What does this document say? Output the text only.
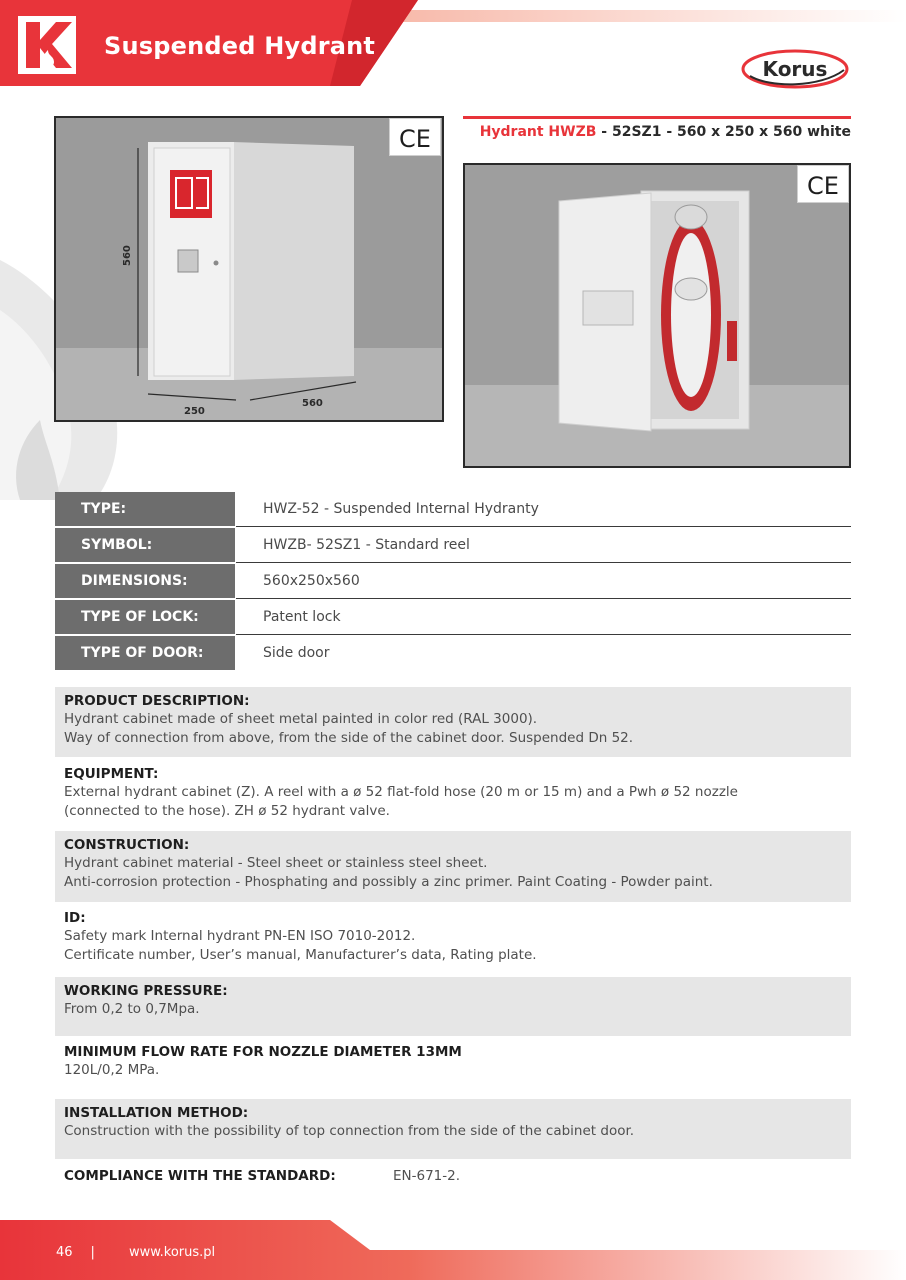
Suspended Hydrant
Korus
Hydrant HWZB - 52SZ1 - 560 x 250 x 560 white
560
250
560
CE
CE
TYPE:	HWZ-52 - Suspended Internal Hydranty
SYMBOL:	HWZB- 52SZ1 - Standard reel
DIMENSIONS:	560x250x560
TYPE OF LOCK:	Patent lock
TYPE OF DOOR:	Side door
PRODUCT DESCRIPTION:

Hydrant cabinet made of sheet metal painted in color red (RAL 3000).

Way of connection from above, from the side of the cabinet door. Suspended Dn 52.

EQUIPMENT:

External hydrant cabinet (Z). A reel with a ø 52 flat-fold hose (20 m or 15 m) and a Pwh ø 52 nozzle

(connected to the hose). ZH ø 52 hydrant valve.

CONSTRUCTION:

Hydrant cabinet material - Steel sheet or stainless steel sheet.

Anti-corrosion protection - Phosphating and possibly a zinc primer. Paint Coating - Powder paint.

ID:

Safety mark Internal hydrant PN-EN ISO 7010-2012.

Certificate number, User’s manual, Manufacturer’s data, Rating plate.

WORKING PRESSURE:

From 0,2 to 0,7Mpa.

MINIMUM FLOW RATE FOR NOZZLE DIAMETER 13MM

120L/0,2 MPa.

INSTALLATION METHOD:

Construction with the possibility of top connection from the side of the cabinet door.

COMPLIANCE WITH THE STANDARD:	EN-671-2.

46 |	www.korus.pl
